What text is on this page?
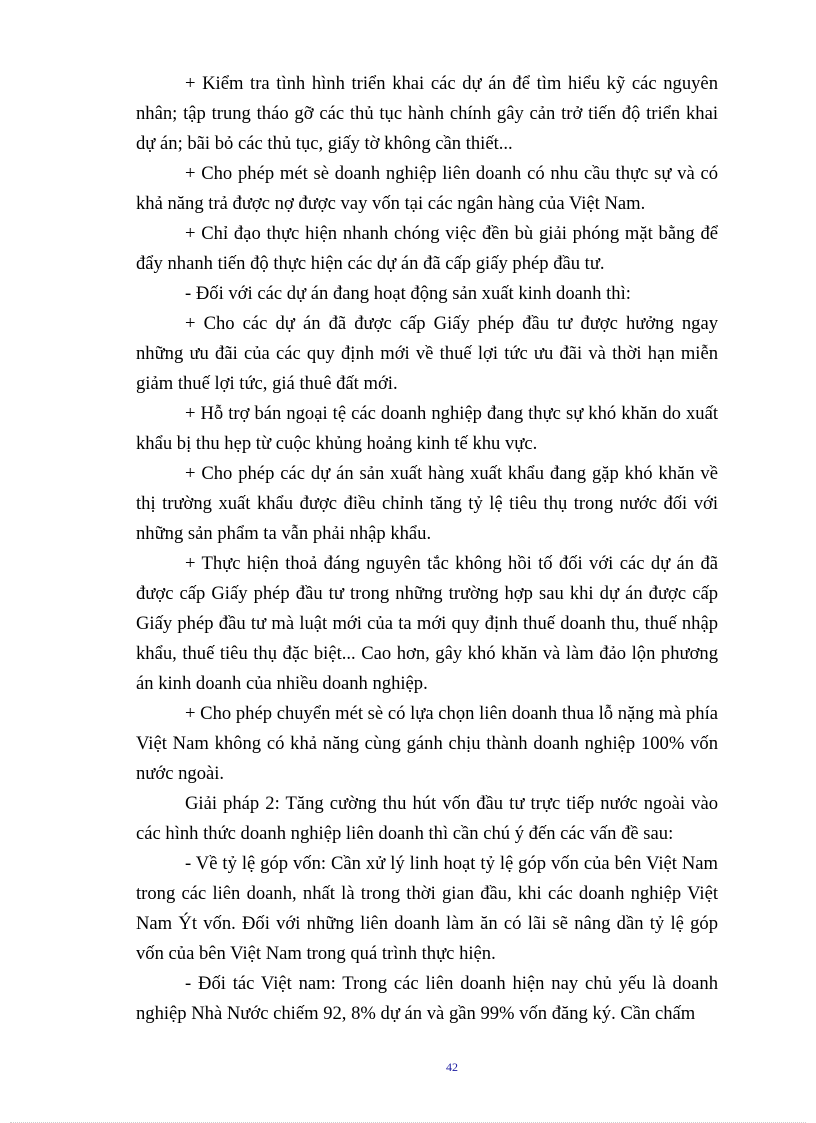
+ Kiểm tra tình hình triển khai các dự án để tìm hiểu kỹ các nguyên nhân; tập trung tháo gỡ các thủ tục hành chính gây cản trở tiến độ triển khai dự án; bãi bỏ các thủ tục, giấy tờ không cần thiết...

+ Cho phép mét sè doanh nghiệp liên doanh có nhu cầu thực sự và có khả năng trả được nợ được vay vốn tại các ngân hàng của Việt Nam.

+ Chỉ đạo thực hiện nhanh chóng việc đền bù giải phóng mặt bằng để đẩy nhanh tiến độ thực hiện các dự án đã cấp giấy phép đầu tư.

- Đối với các dự án đang hoạt động sản xuất kinh doanh thì:

+ Cho các dự án đã được cấp Giấy phép đầu tư được hưởng ngay những ưu đãi của các quy định mới về thuế lợi tức ưu đãi và thời hạn miễn giảm thuế lợi tức, giá thuê đất mới.

+ Hỗ trợ bán ngoại tệ các doanh nghiệp đang thực sự khó khăn do xuất khẩu bị thu hẹp từ cuộc khủng hoảng kinh tế khu vực.

+ Cho phép các dự án sản xuất hàng xuất khẩu đang gặp khó khăn về thị trường xuất khẩu được điều chỉnh tăng tỷ lệ tiêu thụ trong nước đối với những sản phẩm ta vẫn phải nhập khẩu.

+ Thực hiện thoả đáng nguyên tắc không hồi tố đối với các dự án đã được cấp Giấy phép đầu tư trong những trường hợp sau khi dự án được cấp Giấy phép đầu tư mà luật mới của ta mới quy định thuế doanh thu, thuế nhập khẩu, thuế tiêu thụ đặc biệt... Cao hơn, gây khó khăn và làm đảo lộn phương án kinh doanh của nhiều doanh nghiệp.

+ Cho phép chuyển mét sè có lựa chọn liên doanh thua lỗ nặng mà phía Việt Nam không có khả năng cùng gánh chịu thành doanh nghiệp 100% vốn nước ngoài.

Giải pháp 2: Tăng cường thu hút vốn đầu tư trực tiếp nước ngoài vào các hình thức doanh nghiệp liên doanh thì cần chú ý đến các vấn đề sau:

- Về tỷ lệ góp vốn: Cần xử lý linh hoạt tỷ lệ góp vốn của bên Việt Nam trong các liên doanh, nhất là trong thời gian đầu, khi các doanh nghiệp Việt Nam Ýt vốn. Đối với những liên doanh làm ăn có lãi sẽ nâng dần tỷ lệ góp vốn của bên Việt Nam trong quá trình thực hiện.

- Đối tác Việt nam: Trong các liên doanh hiện nay chủ yếu là doanh nghiệp Nhà Nước chiếm 92, 8% dự án và gần 99% vốn đăng ký. Cần chấm

42
